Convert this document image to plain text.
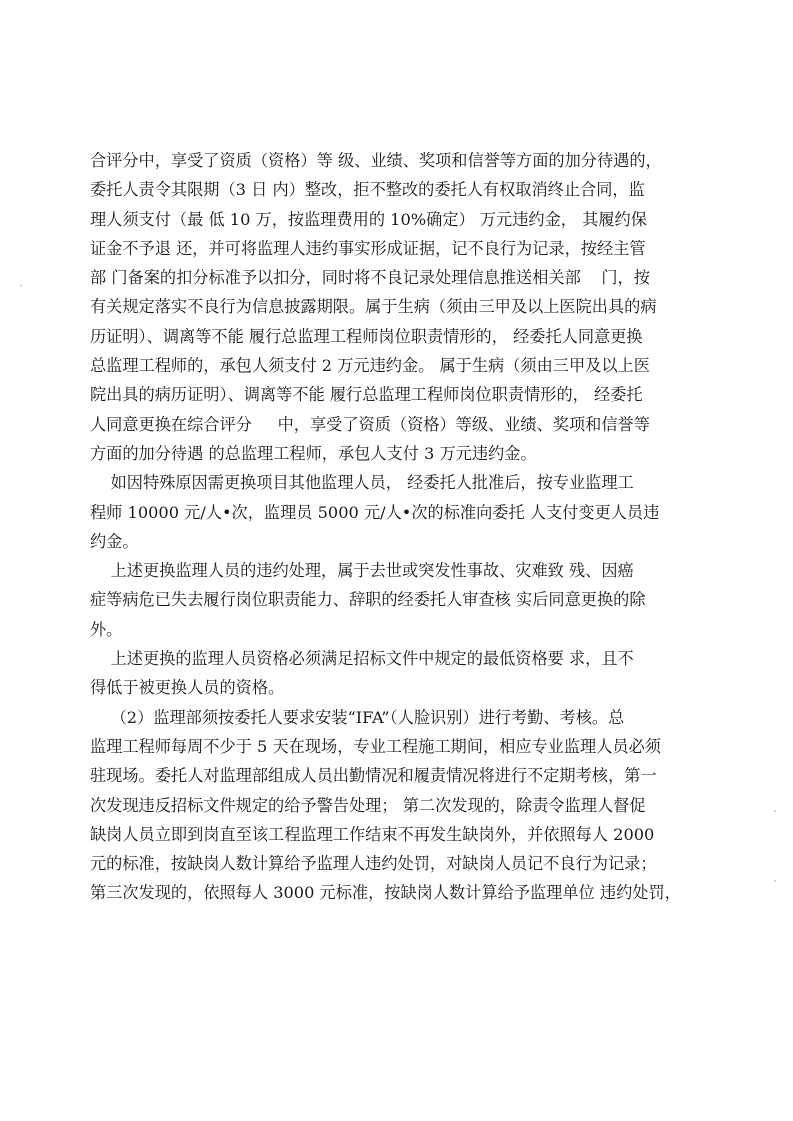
合评分中，享受了资质（资格）等 级、业绩、奖项和信誉等方面的加分待遇的，
委托人责令其限期（3 日 内）整改，拒不整改的委托人有权取消终止合同，监
理人须支付（最 低 10 万，按监理费用的 10%确定） 万元违约金， 其履约保
证金不予退 还，并可将监理人违约事实形成证据，记不良行为记录，按经主管
部 门备案的扣分标准予以扣分，同时将不良记录处理信息推送相关部    门，按
有关规定落实不良行为信息披露期限。属于生病（须由三甲及以上医院出具的病
历证明）、调离等不能 履行总监理工程师岗位职责情形的， 经委托人同意更换
总监理工程师的，承包人须支付 2 万元违约金。 属于生病（须由三甲及以上医
院出具的病历证明）、调离等不能 履行总监理工程师岗位职责情形的， 经委托
人同意更换在综合评分     中，享受了资质（资格）等级、业绩、奖项和信誉等
方面的加分待遇 的总监理工程师，承包人支付 3 万元违约金。
如因特殊原因需更换项目其他监理人员， 经委托人批准后，按专业监理工
程师 10000 元/人•次，监理员 5000 元/人•次的标准向委托 人支付变更人员违
约金。
上述更换监理人员的违约处理，属于去世或突发性事故、灾难致 残、因癌
症等病危已失去履行岗位职责能力、辞职的经委托人审查核 实后同意更换的除
外。
上述更换的监理人员资格必须满足招标文件中规定的最低资格要 求，且不
得低于被更换人员的资格。
（2）监理部须按委托人要求安装“IFA”（人脸识别）进行考勤、考核。总
监理工程师每周不少于 5 天在现场，专业工程施工期间，相应专业监理人员必须
驻现场。委托人对监理部组成人员出勤情况和履责情况将进行不定期考核，第一
次发现违反招标文件规定的给予警告处理； 第二次发现的，除责令监理人督促
缺岗人员立即到岗直至该工程监理工作结束不再发生缺岗外，并依照每人 2000
元的标准，按缺岗人数计算给予监理人违约处罚，对缺岗人员记不良行为记录；
第三次发现的，依照每人 3000 元标准，按缺岗人数计算给予监理单位 违约处罚，
